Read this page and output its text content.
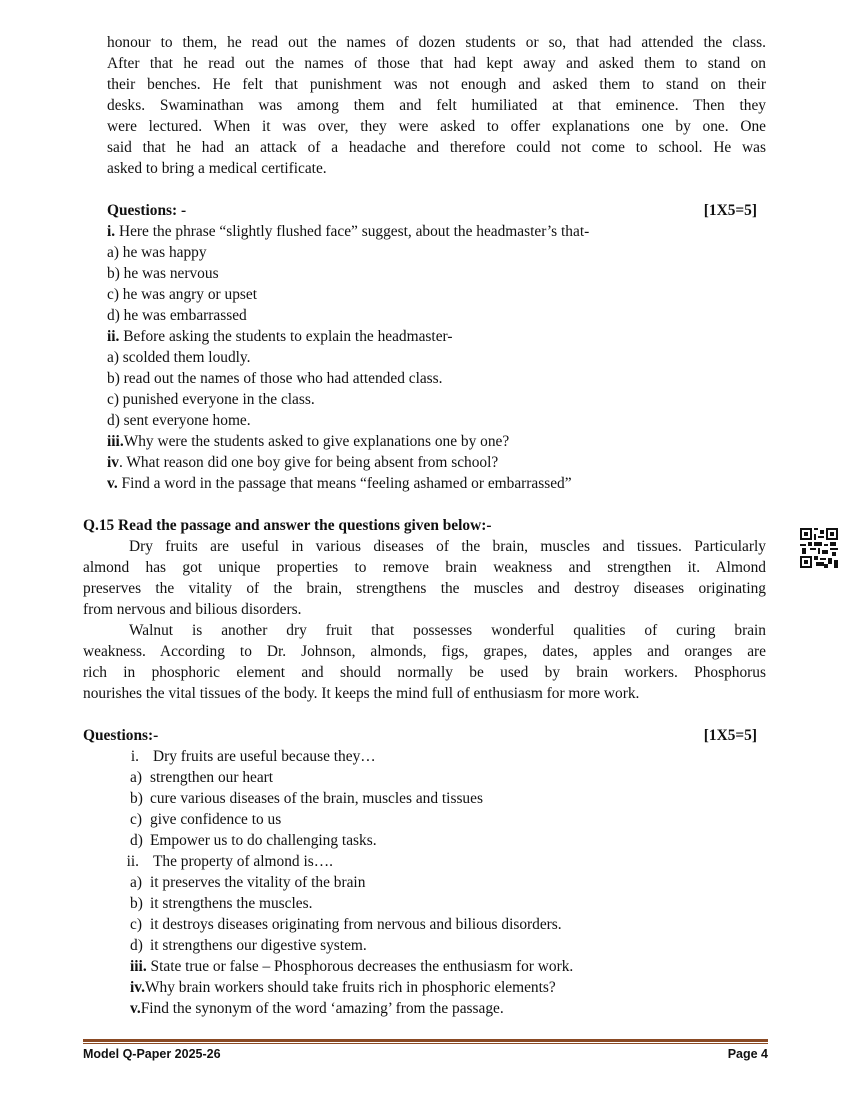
honour to them, he read out the names of dozen students or so, that had attended the class.
After that he read out the names of those that had kept away and asked them to stand on
their benches. He felt that punishment was not enough and asked them to stand on their
desks. Swaminathan was among them and felt humiliated at that eminence. Then they
were lectured. When it was over, they were asked to offer explanations one by one. One
said that he had an attack of a headache and therefore could not come to school. He was
asked to bring a medical certificate.
Questions: -	[1X5=5]
i. Here the phrase “slightly flushed face” suggest, about the headmaster’s that-
a) he was happy
b) he was nervous
c) he was angry or upset
d) he was embarrassed
ii. Before asking the students to explain the headmaster-
a) scolded them loudly.
b) read out the names of those who had attended class.
c) punished everyone in the class.
d) sent everyone home.
iii.Why were the students asked to give explanations one by one?
iv. What reason did one boy give for being absent from school?
v. Find a word in the passage that means “feeling ashamed or embarrassed”
Q.15 Read the passage and answer the questions given below:-
Dry fruits are useful in various diseases of the brain, muscles and tissues. Particularly
almond has got unique properties to remove brain weakness and strengthen it. Almond
preserves the vitality of the brain, strengthens the muscles and destroy diseases originating
from nervous and bilious disorders.
Walnut is another dry fruit that possesses wonderful qualities of curing brain
weakness. According to Dr. Johnson, almonds, figs, grapes, dates, apples and oranges are
rich in phosphoric element and should normally be used by brain workers. Phosphorus
nourishes the vital tissues of the body. It keeps the mind full of enthusiasm for more work.
Questions:-	[1X5=5]
i. Dry fruits are useful because they…
a) strengthen our heart
b) cure various diseases of the brain, muscles and tissues
c) give confidence to us
d) Empower us to do challenging tasks.
ii. The property of almond is….
a) it preserves the vitality of the brain
b) it strengthens the muscles.
c) it destroys diseases originating from nervous and bilious disorders.
d) it strengthens our digestive system.
iii. State true or false – Phosphorous decreases the enthusiasm for work.
iv.Why brain workers should take fruits rich in phosphoric elements?
v.Find the synonym of the word ‘amazing’ from the passage.
Model Q-Paper 2025-26	Page 4
